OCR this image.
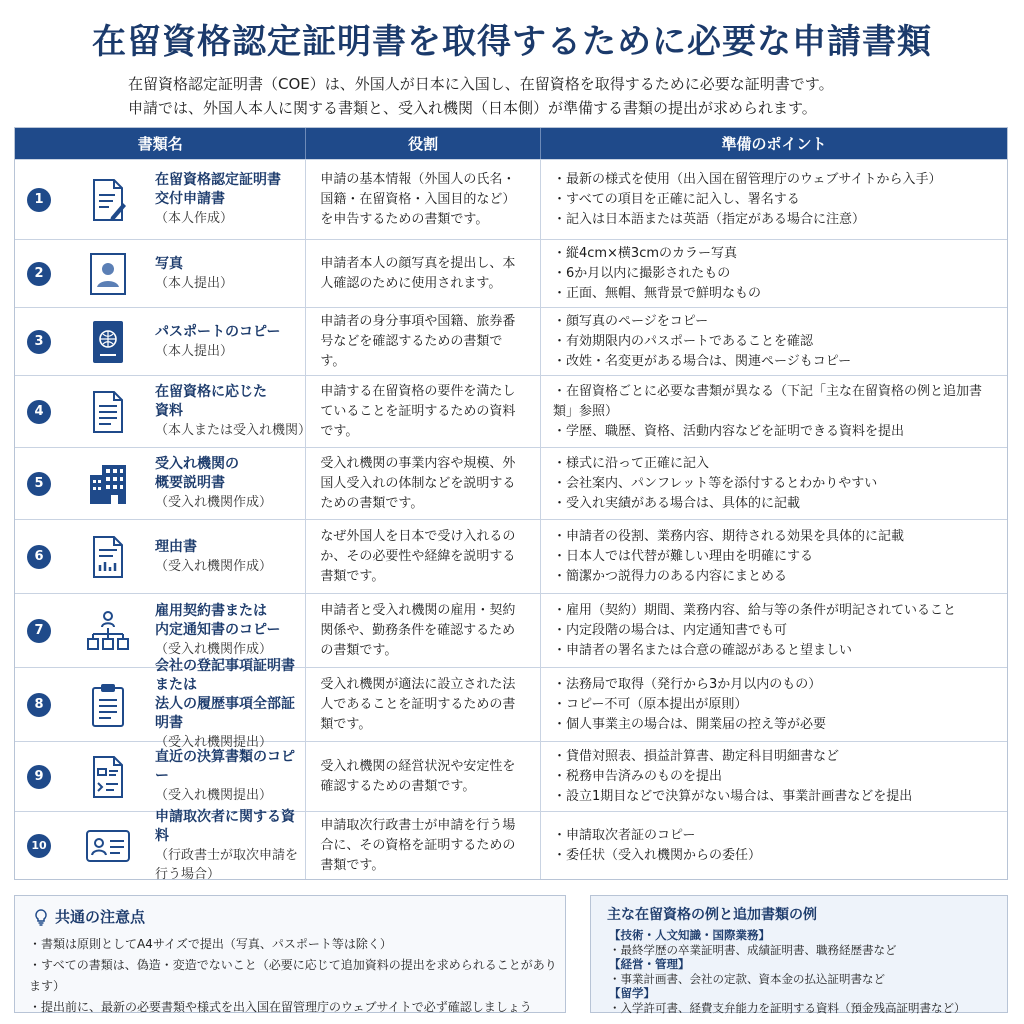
在留資格認定証明書を取得するために必要な申請書類
在留資格認定証明書（COE）は、外国人が日本に入国し、在留資格を取得するために必要な証明書です。
申請では、外国人本人に関する書類と、受入れ機関（日本側）が準備する書類の提出が求められます。
書類名	役割	準備のポイント
1
在留資格認定証明書
交付申請書
（本人作成）
申請の基本情報（外国人の氏名・国籍・在留資格・入国目的など）を申告するための書類です。
・ 最新の様式を使用（出入国在留管理庁のウェブサイトから入手）
・ すべての項目を正確に記入し、署名する
・ 記入は日本語または英語（指定がある場合に注意）
2
写真
（本人提出）
申請者本人の顔写真を提出し、本人確認のために使用されます。
・ 縦4cm×横3cmのカラー写真
・ 6か月以内に撮影されたもの
・ 正面、無帽、無背景で鮮明なもの
3
パスポートのコピー
（本人提出）
申請者の身分事項や国籍、旅券番号などを確認するための書類です。
・ 顔写真のページをコピー
・ 有効期限内のパスポートであることを確認
・ 改姓・名変更がある場合は、関連ページもコピー
4
在留資格に応じた
資料
（本人または受入れ機関）
申請する在留資格の要件を満たしていることを証明するための資料です。
・ 在留資格ごとに必要な書類が異なる（下記「主な在留資格の例と追加書類」参照）
・ 学歴、職歴、資格、活動内容などを証明できる資料を提出
5
受入れ機関の
概要説明書
（受入れ機関作成）
受入れ機関の事業内容や規模、外国人受入れの体制などを説明するための書類です。
・ 様式に沿って正確に記入
・ 会社案内、パンフレット等を添付するとわかりやすい
・ 受入れ実績がある場合は、具体的に記載
6
理由書
（受入れ機関作成）
なぜ外国人を日本で受け入れるのか、その必要性や経緯を説明する書類です。
・ 申請者の役割、業務内容、期待される効果を具体的に記載
・ 日本人では代替が難しい理由を明確にする
・ 簡潔かつ説得力のある内容にまとめる
7
雇用契約書または
内定通知書のコピー
（受入れ機関作成）
申請者と受入れ機関の雇用・契約関係や、勤務条件を確認するための書類です。
・ 雇用（契約）期間、業務内容、給与等の条件が明記されていること
・ 内定段階の場合は、内定通知書でも可
・ 申請者の署名または合意の確認があると望ましい
8
会社の登記事項証明書
または
法人の履歴事項全部証明書
（受入れ機関提出）
受入れ機関が適法に設立された法人であることを証明するための書類です。
・ 法務局で取得（発行から3か月以内のもの）
・ コピー不可（原本提出が原則）
・ 個人事業主の場合は、開業届の控え等が必要
9
直近の決算書類のコピー
（受入れ機関提出）
受入れ機関の経営状況や安定性を確認するための書類です。
・ 貸借対照表、損益計算書、勘定科目明細書など
・ 税務申告済みのものを提出
・ 設立1期目などで決算がない場合は、事業計画書などを提出
10
申請取次者に関する資料
（行政書士が取次申請を
行う場合）
申請取次行政書士が申請を行う場合に、その資格を証明するための書類です。
・ 申請取次者証のコピー
・ 委任状（受入れ機関からの委任）
共通の注意点
・ 書類は原則としてA4サイズで提出（写真、パスポート等は除く）
・ すべての書類は、偽造・変造でないこと（必要に応じて追加資料の提出を求められることがあります）
・ 提出前に、最新の必要書類や様式を出入国在留管理庁のウェブサイトで必ず確認しましょう
主な在留資格の例と追加書類の例
【技術・人文知識・国際業務】
・ 最終学歴の卒業証明書、成績証明書、職務経歴書など
【経営・管理】
・ 事業計画書、会社の定款、資本金の払込証明書など
【留学】
・ 入学許可書、経費支弁能力を証明する資料（預金残高証明書など）
